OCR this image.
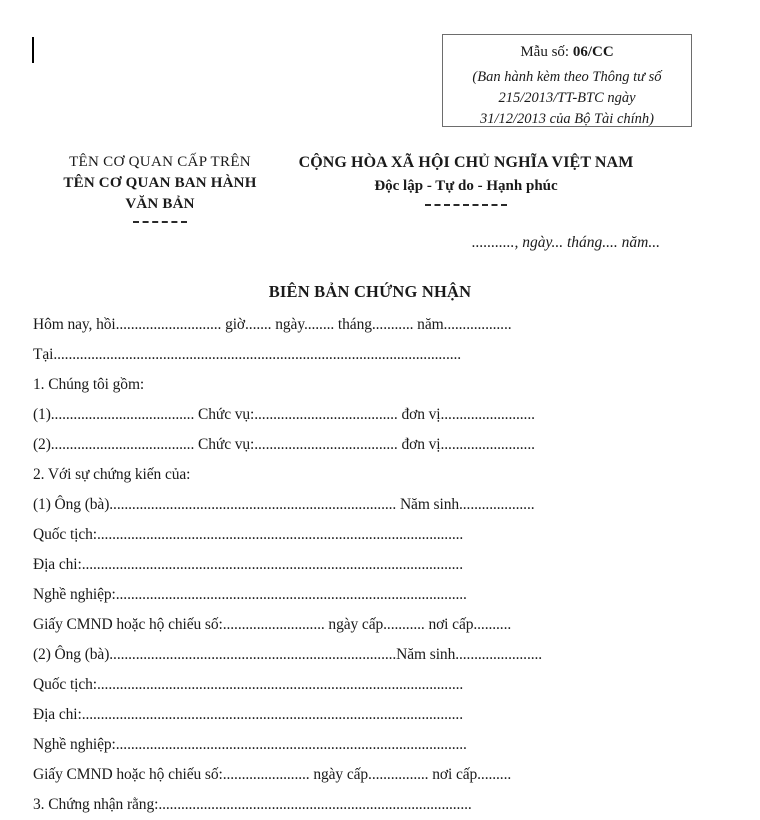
Mẫu số: 06/CC
(Ban hành kèm theo Thông tư số
215/2013/TT-BTC ngày
31/12/2013 của Bộ Tài chính)
TÊN CƠ QUAN CẤP TRÊN
TÊN CƠ QUAN BAN HÀNH
VĂN BẢN
CỘNG HÒA XÃ HỘI CHỦ NGHĨA VIỆT NAM
Độc lập - Tự do - Hạnh phúc
..........., ngày... tháng.... năm...
BIÊN BẢN CHỨNG NHẬN
Hôm nay, hồi............................ giờ....... ngày........ tháng........... năm..................
Tại............................................................................................................
1. Chúng tôi gồm:
(1)...................................... Chức vụ:...................................... đơn vị.........................
(2)...................................... Chức vụ:...................................... đơn vị.........................
2. Với sự chứng kiến của:
(1) Ông (bà)............................................................................ Năm sinh....................
Quốc tịch:.................................................................................................
Địa chi:.....................................................................................................
Nghề nghiệp:.............................................................................................
Giấy CMND hoặc hộ chiếu số:........................... ngày cấp........... nơi cấp..........
(2) Ông (bà)............................................................................Năm sinh.......................
Quốc tịch:.................................................................................................
Địa chi:.....................................................................................................
Nghề nghiệp:.............................................................................................
Giấy CMND hoặc hộ chiếu số:....................... ngày cấp................ nơi cấp.........
3. Chứng nhận rằng:...................................................................................
